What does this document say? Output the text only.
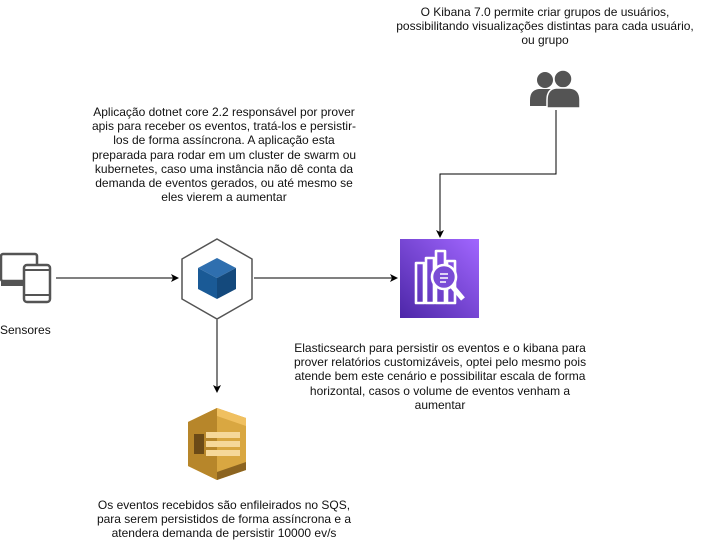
O Kibana 7.0 permite criar grupos de usuários, possibilitando visualizações distintas para cada usuário, ou grupo
Aplicação dotnet core 2.2 responsável por prover apis para receber os eventos, tratá-los e persistir-los de forma assíncrona. A aplicação esta preparada para rodar em um cluster de swarm ou kubernetes, caso uma instância não dê conta da demanda de eventos gerados, ou até mesmo se eles vierem a aumentar
Sensores
Elasticsearch para persistir os eventos e o kibana para prover relatórios customizáveis, optei pelo mesmo pois atende bem este cenário e possibilitar escala de forma horizontal, casos o volume de eventos venham a aumentar
Os eventos recebidos são enfileirados no SQS, para serem persistidos de forma assíncrona e a atendera demanda de persistir 10000 ev/s
